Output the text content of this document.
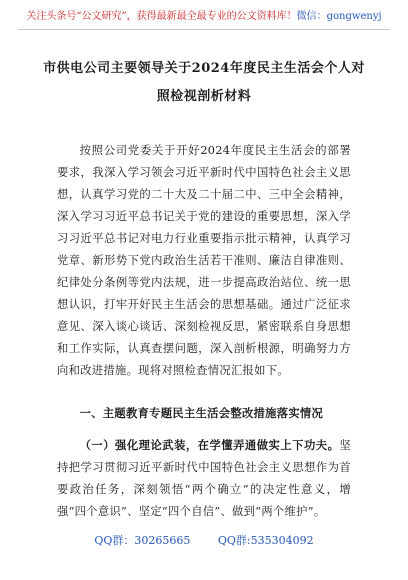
关注头条号“公文研究”，获得最新最全最专业的公文资料库！微信：gongwenyj
市供电公司主要领导关于2024年度民主生活会个人对照检视剖析材料

按照公司党委关于开好2024年度民主生活会的部署要求，我深入学习领会习近平新时代中国特色社会主义思想，认真学习党的二十大及二十届二中、三中全会精神，深入学习习近平总书记关于党的建设的重要思想，深入学习习近平总书记对电力行业重要指示批示精神，认真学习党章、新形势下党内政治生活若干准则、廉洁自律准则、纪律处分条例等党内法规，进一步提高政治站位、统一思想认识，打牢开好民主生活会的思想基础。通过广泛征求意见、深入谈心谈话、深刻检视反思，紧密联系自身思想和工作实际，认真查摆问题，深入剖析根源，明确努力方向和改进措施。现将对照检查情况汇报如下。

一、主题教育专题民主生活会整改措施落实情况

（一）强化理论武装，在学懂弄通做实上下功夫。坚持把学习贯彻习近平新时代中国特色社会主义思想作为首要政治任务，深刻领悟“两个确立”的决定性意义，增强“四个意识”、坚定“四个自信”、做到“两个维护”。

QQ群：30265665	QQ群:535304092
